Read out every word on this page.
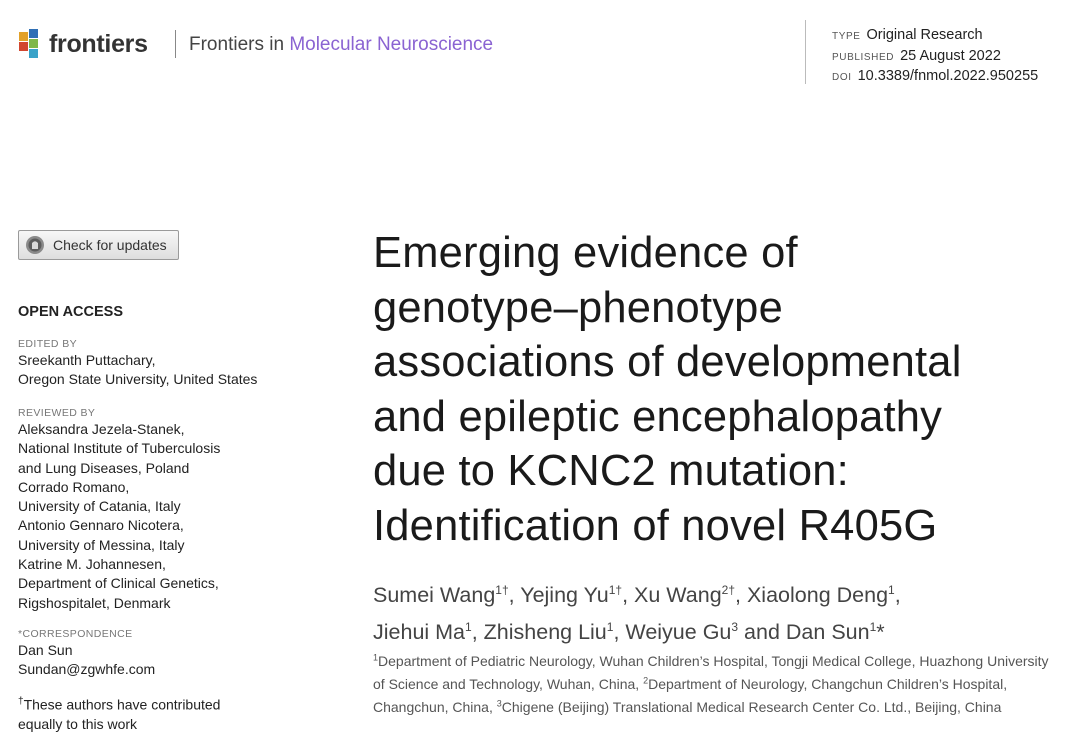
frontiers Frontiers in Molecular Neuroscience	TYPE Original Research
PUBLISHED 25 August 2022
DOI 10.3389/fnmol.2022.950255
Check for updates
OPEN ACCESS
EDITED BY
Sreekanth Puttachary,
Oregon State University, United States
REVIEWED BY
Aleksandra Jezela-Stanek,
National Institute of Tuberculosis
and Lung Diseases, Poland
Corrado Romano,
University of Catania, Italy
Antonio Gennaro Nicotera,
University of Messina, Italy
Katrine M. Johannesen,
Department of Clinical Genetics,
Rigshospitalet, Denmark
*CORRESPONDENCE
Dan Sun
Sundan@zgwhfe.com
†These authors have contributed
equally to this work
Emerging evidence of
genotype–phenotype
associations of developmental
and epileptic encephalopathy
due to KCNC2 mutation:
Identification of novel R405G
Sumei Wang$^{1\dagger}$, Yejing $Yu^{1\dagger}$, Xu Wang$^{2\dagger}$, Xiaolong Deng$^1$,
Jiehui Ma$^1$, Zhisheng Liu$^1$, Weiyue Gu$^3$ and Dan Sun$^1$*
$^1$Department of Pediatric Neurology, Wuhan Children’s Hospital, Tongji Medical College, Huazhong University of Science and Technology, Wuhan, China, $^2$Department of Neurology, Changchun Children’s Hospital, Changchun, China, $^3$Chigene (Beijing) Translational Medical Research Center Co. Ltd., Beijing, China
